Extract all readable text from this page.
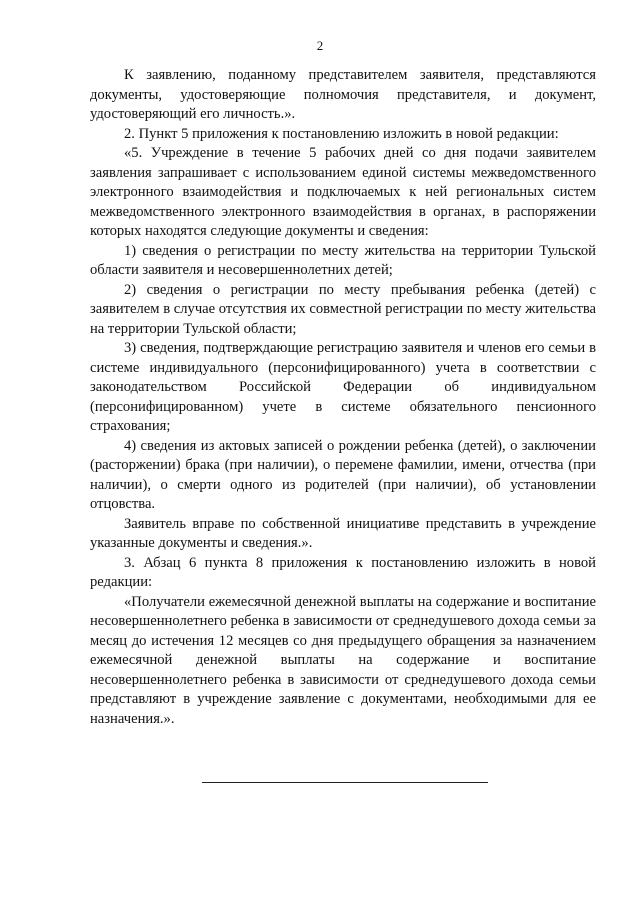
2

К заявлению, поданному представителем заявителя, представляются документы, удостоверяющие полномочия представителя, и документ, удостоверяющий его личность.».

2. Пункт 5 приложения к постановлению изложить в новой редакции:

«5. Учреждение в течение 5 рабочих дней со дня подачи заявителем заявления запрашивает с использованием единой системы межведомственного электронного взаимодействия и подключаемых к ней региональных систем межведомственного электронного взаимодействия в органах, в распоряжении которых находятся следующие документы и сведения:

1) сведения о регистрации по месту жительства на территории Тульской области заявителя и несовершеннолетних детей;

2) сведения о регистрации по месту пребывания ребенка (детей) с заявителем в случае отсутствия их совместной регистрации по месту жительства на территории Тульской области;

3) сведения, подтверждающие регистрацию заявителя и членов его семьи в системе индивидуального (персонифицированного) учета в соответствии с законодательством Российской Федерации об индивидуальном (персонифицированном) учете в системе обязательного пенсионного страхования;

4) сведения из актовых записей о рождении ребенка (детей), о заключении (расторжении) брака (при наличии), о перемене фамилии, имени, отчества (при наличии), о смерти одного из родителей (при наличии), об установлении отцовства.

Заявитель вправе по собственной инициативе представить в учреждение указанные документы и сведения.».

3. Абзац 6 пункта 8 приложения к постановлению изложить в новой редакции:

«Получатели ежемесячной денежной выплаты на содержание и воспитание несовершеннолетнего ребенка в зависимости от среднедушевого дохода семьи за месяц до истечения 12 месяцев со дня предыдущего обращения за назначением ежемесячной денежной выплаты на содержание и воспитание несовершеннолетнего ребенка в зависимости от среднедушевого дохода семьи представляют в учреждение заявление с документами, необходимыми для ее назначения.».
